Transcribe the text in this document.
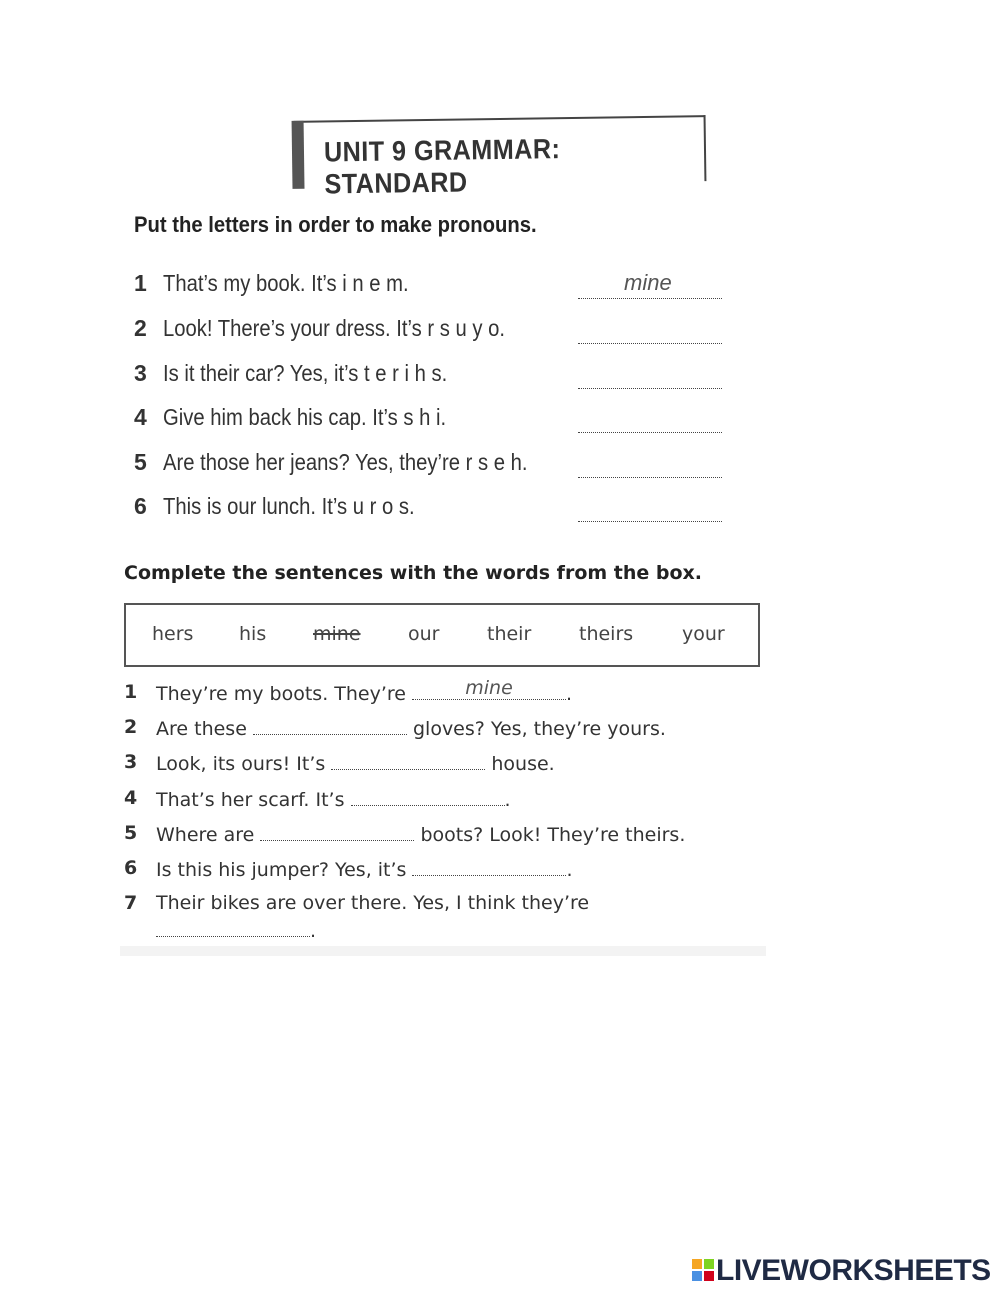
UNIT 9 GRAMMAR: STANDARD
Put the letters in order to make pronouns.
1 That’s my book. It’s i n e m.	mine
2 Look! There’s your dress. It’s r s u y o.
3 Is it their car? Yes, it’s t e r i h s.
4 Give him back his cap. It’s s h i.
5 Are those her jeans? Yes, they’re r s e h.
6 This is our lunch. It’s u r o s.
Complete the sentences with the words from the box.
hers his mine our	their	theirs	your
1 They’re my boots. They’re	mine	.
2 Are these	gloves? Yes, they’re yours.
3 Look, its ours! It’s	house.
4 That’s her scarf. It’s	.
5 Where are	boots? Look! They’re theirs.
6 Is this his jumper? Yes, it’s	.
7 Their bikes are over there. Yes, I think they’re

.
LIVEWORKSHEETS
